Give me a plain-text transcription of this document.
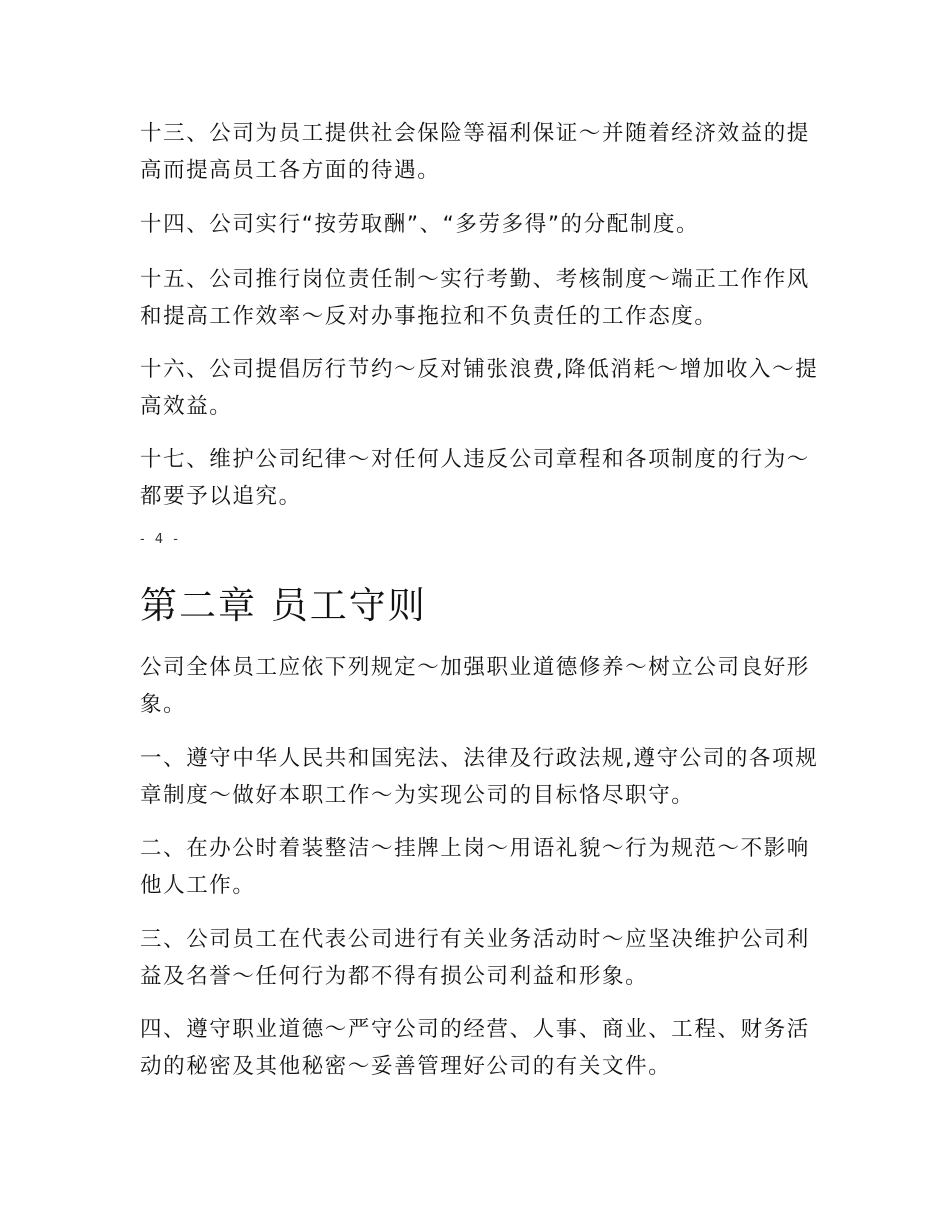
十三、公司为员工提供社会保险等福利保证～并随着经济效益的提高而提高员工各方面的待遇。

十四、公司实行“按劳取酬”、“多劳多得”的分配制度。

十五、公司推行岗位责任制～实行考勤、考核制度～端正工作作风和提高工作效率～反对办事拖拉和不负责任的工作态度。

十六、公司提倡厉行节约～反对铺张浪费,降低消耗～增加收入～提高效益。

十七、维护公司纪律～对任何人违反公司章程和各项制度的行为～都要予以追究。

- 4 -
第二章 员工守则

公司全体员工应依下列规定～加强职业道德修养～树立公司良好形象。

一、遵守中华人民共和国宪法、法律及行政法规,遵守公司的各项规章制度～做好本职工作～为实现公司的目标恪尽职守。

二、在办公时着装整洁～挂牌上岗～用语礼貌～行为规范～不影响他人工作。

三、公司员工在代表公司进行有关业务活动时～应坚决维护公司利益及名誉～任何行为都不得有损公司利益和形象。

四、遵守职业道德～严守公司的经营、人事、商业、工程、财务活动的秘密及其他秘密～妥善管理好公司的有关文件。
